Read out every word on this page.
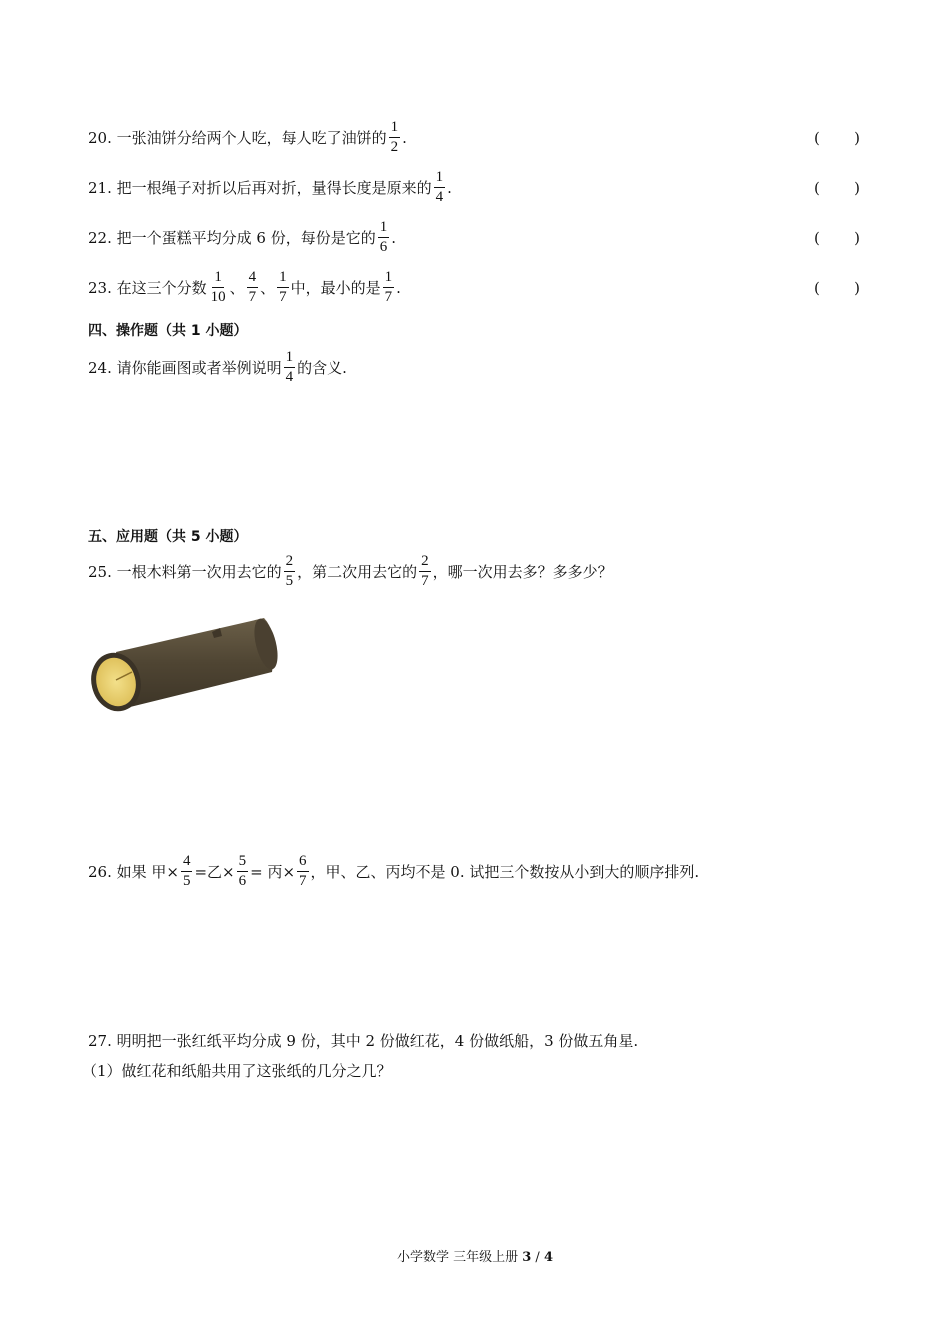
20. 一张油饼分给两个人吃，每人吃了油饼的 $\frac{1}{2}$ .	( )
21. 把一根绳子对折以后再对折，量得长度是原来的 $\frac{1}{4}$ .	( )
22. 把一个蛋糕平均分成 6 份，每份是它的 $\frac{1}{6}$ .	( )
23. 在这三个分数 $\frac{1}{10}$ 、 $\frac{4}{7}$ 、 $\frac{1}{7}$ 中，最小的是 $\frac{1}{7}$ .	( )
四、操作题（共 1 小题）
24. 请你能画图或者举例说明 $\frac{1}{4}$ 的含义.
五、应用题（共 5 小题）
25. 一根木料第一次用去它的 $\frac{2}{5}$ ，第二次用去它的 $\frac{2}{7}$ ，哪一次用去多？多多少？
26. 如果 甲× $\frac{4}{5}$ =乙× $\frac{5}{6}$ = 丙× $\frac{6}{7}$ ，甲、乙、丙均不是 0. 试把三个数按从小到大的顺序排列.
27. 明明把一张红纸平均分成 9 份，其中 2 份做红花，4 份做纸船，3 份做五角星.
（1）做红花和纸船共用了这张纸的几分之几？
小学数学 三年级上册 3 / 4
